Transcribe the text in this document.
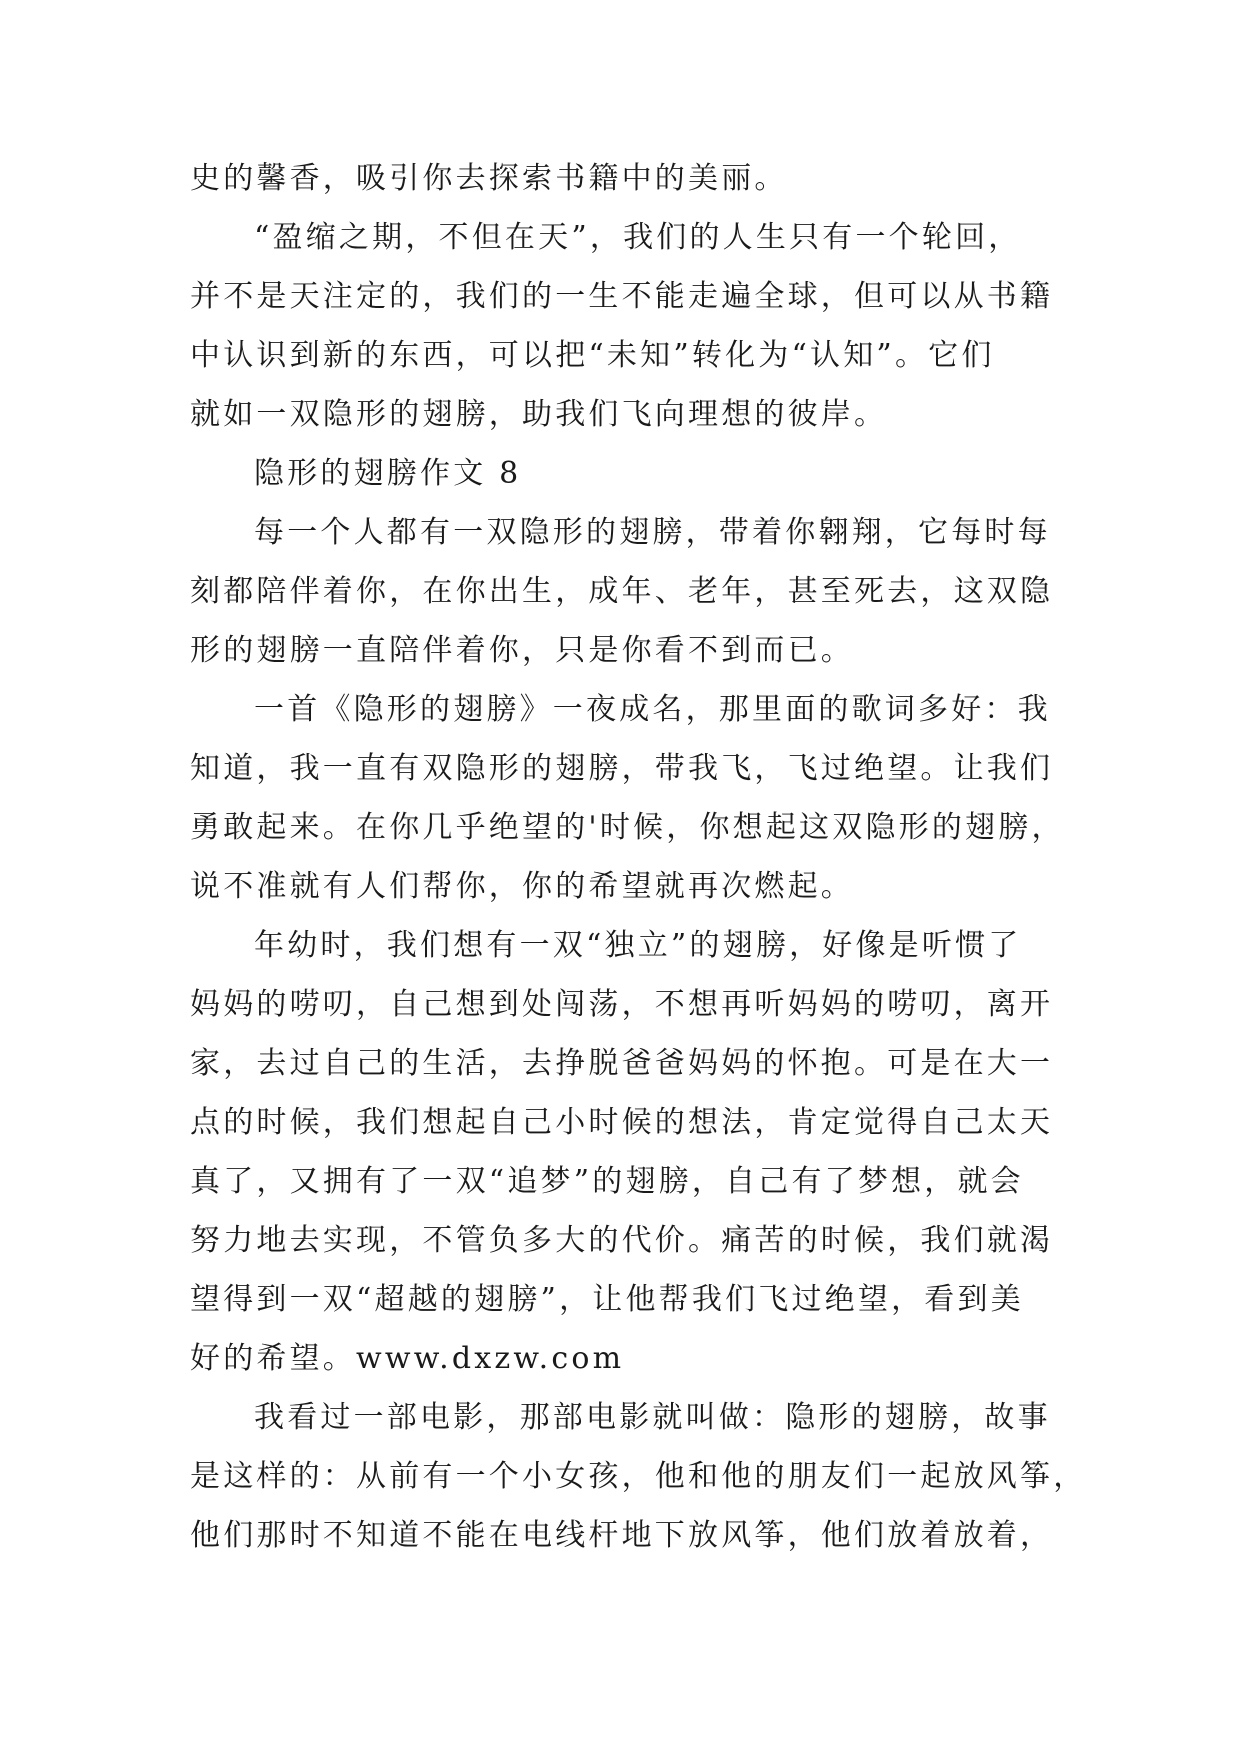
史的馨香，吸引你去探索书籍中的美丽。
“盈缩之期，不但在天”，我们的人生只有一个轮回，
并不是天注定的，我们的一生不能走遍全球，但可以从书籍
中认识到新的东西，可以把“未知”转化为“认知”。它们
就如一双隐形的翅膀，助我们飞向理想的彼岸。
隐形的翅膀作文 8
每一个人都有一双隐形的翅膀，带着你翱翔，它每时每
刻都陪伴着你，在你出生，成年、老年，甚至死去，这双隐
形的翅膀一直陪伴着你，只是你看不到而已。
一首《隐形的翅膀》一夜成名，那里面的歌词多好：我
知道，我一直有双隐形的翅膀，带我飞，飞过绝望。让我们
勇敢起来。在你几乎绝望的'时候，你想起这双隐形的翅膀，
说不准就有人们帮你，你的希望就再次燃起。
年幼时，我们想有一双“独立”的翅膀，好像是听惯了
妈妈的唠叨，自己想到处闯荡，不想再听妈妈的唠叨，离开
家，去过自己的生活，去挣脱爸爸妈妈的怀抱。可是在大一
点的时候，我们想起自己小时候的想法，肯定觉得自己太天
真了，又拥有了一双“追梦”的翅膀，自己有了梦想，就会
努力地去实现，不管负多大的代价。痛苦的时候，我们就渴
望得到一双“超越的翅膀”，让他帮我们飞过绝望，看到美
好的希望。www.dxzw.com
我看过一部电影，那部电影就叫做：隐形的翅膀，故事
是这样的：从前有一个小女孩，他和他的朋友们一起放风筝，
他们那时不知道不能在电线杆地下放风筝，他们放着放着，
